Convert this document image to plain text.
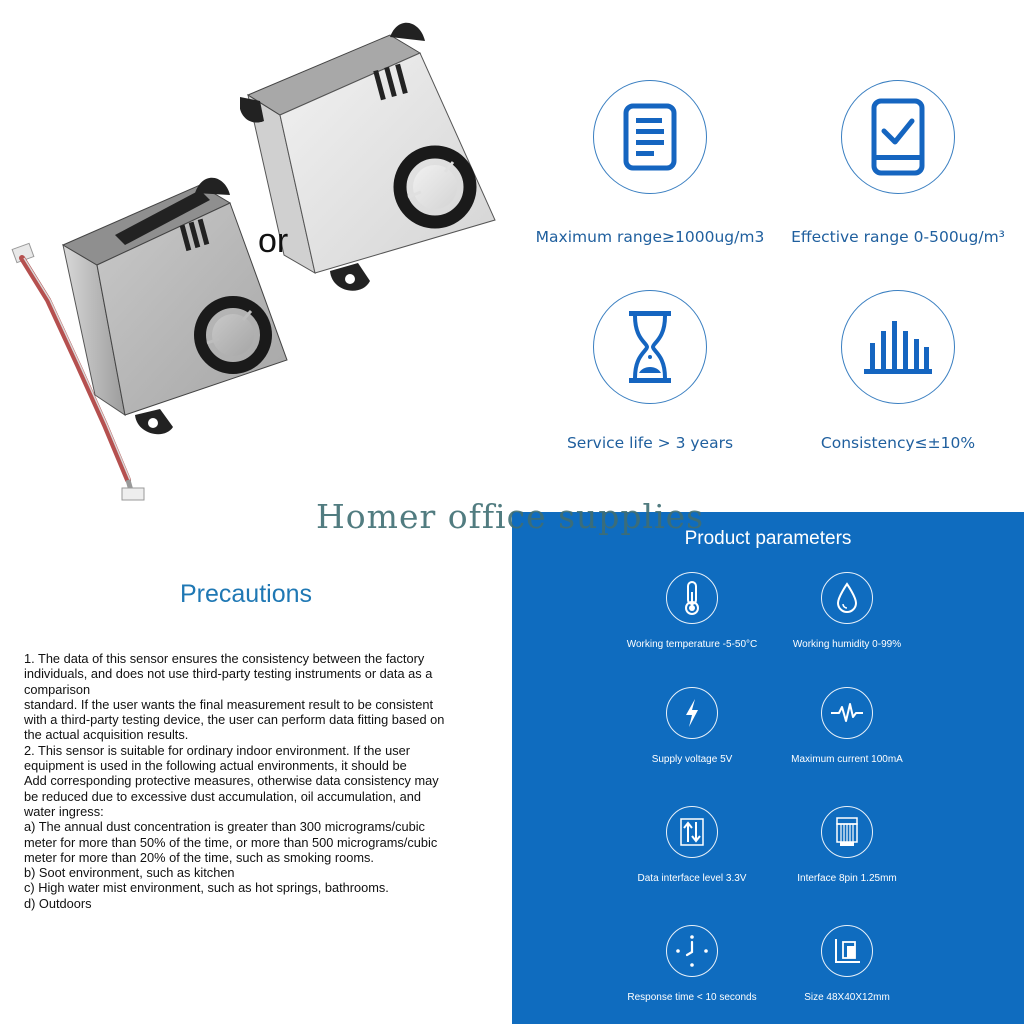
or	Maximum range≥1000ug/m3	Effective range 0-500ug/m³
Service life > 3 years	Consistency≤±10%
Homer office supplies
Precautions
1. The data of this sensor ensures the consistency between the factory
individuals, and does not use third-party testing instruments or data as a
comparison
standard. If the user wants the final measurement result to be consistent
with a third-party testing device, the user can perform data fitting based on
the actual acquisition results.
2. This sensor is suitable for ordinary indoor environment. If the user
equipment is used in the following actual environments, it should be
Add corresponding protective measures, otherwise data consistency may
be reduced due to excessive dust accumulation, oil accumulation, and
water ingress:
a) The annual dust concentration is greater than 300 micrograms/cubic
meter for more than 50% of the time, or more than 500 micrograms/cubic
meter for more than 20% of the time, such as smoking rooms.
b) Soot environment, such as kitchen
c) High water mist environment, such as hot springs, bathrooms.
d) Outdoors
Product parameters
Working temperature -5-50°C	Working humidity 0-99%
Supply voltage 5V	Maximum current 100mA
Data interface level 3.3V	Interface 8pin 1.25mm
Response time < 10 seconds	Size 48X40X12mm
